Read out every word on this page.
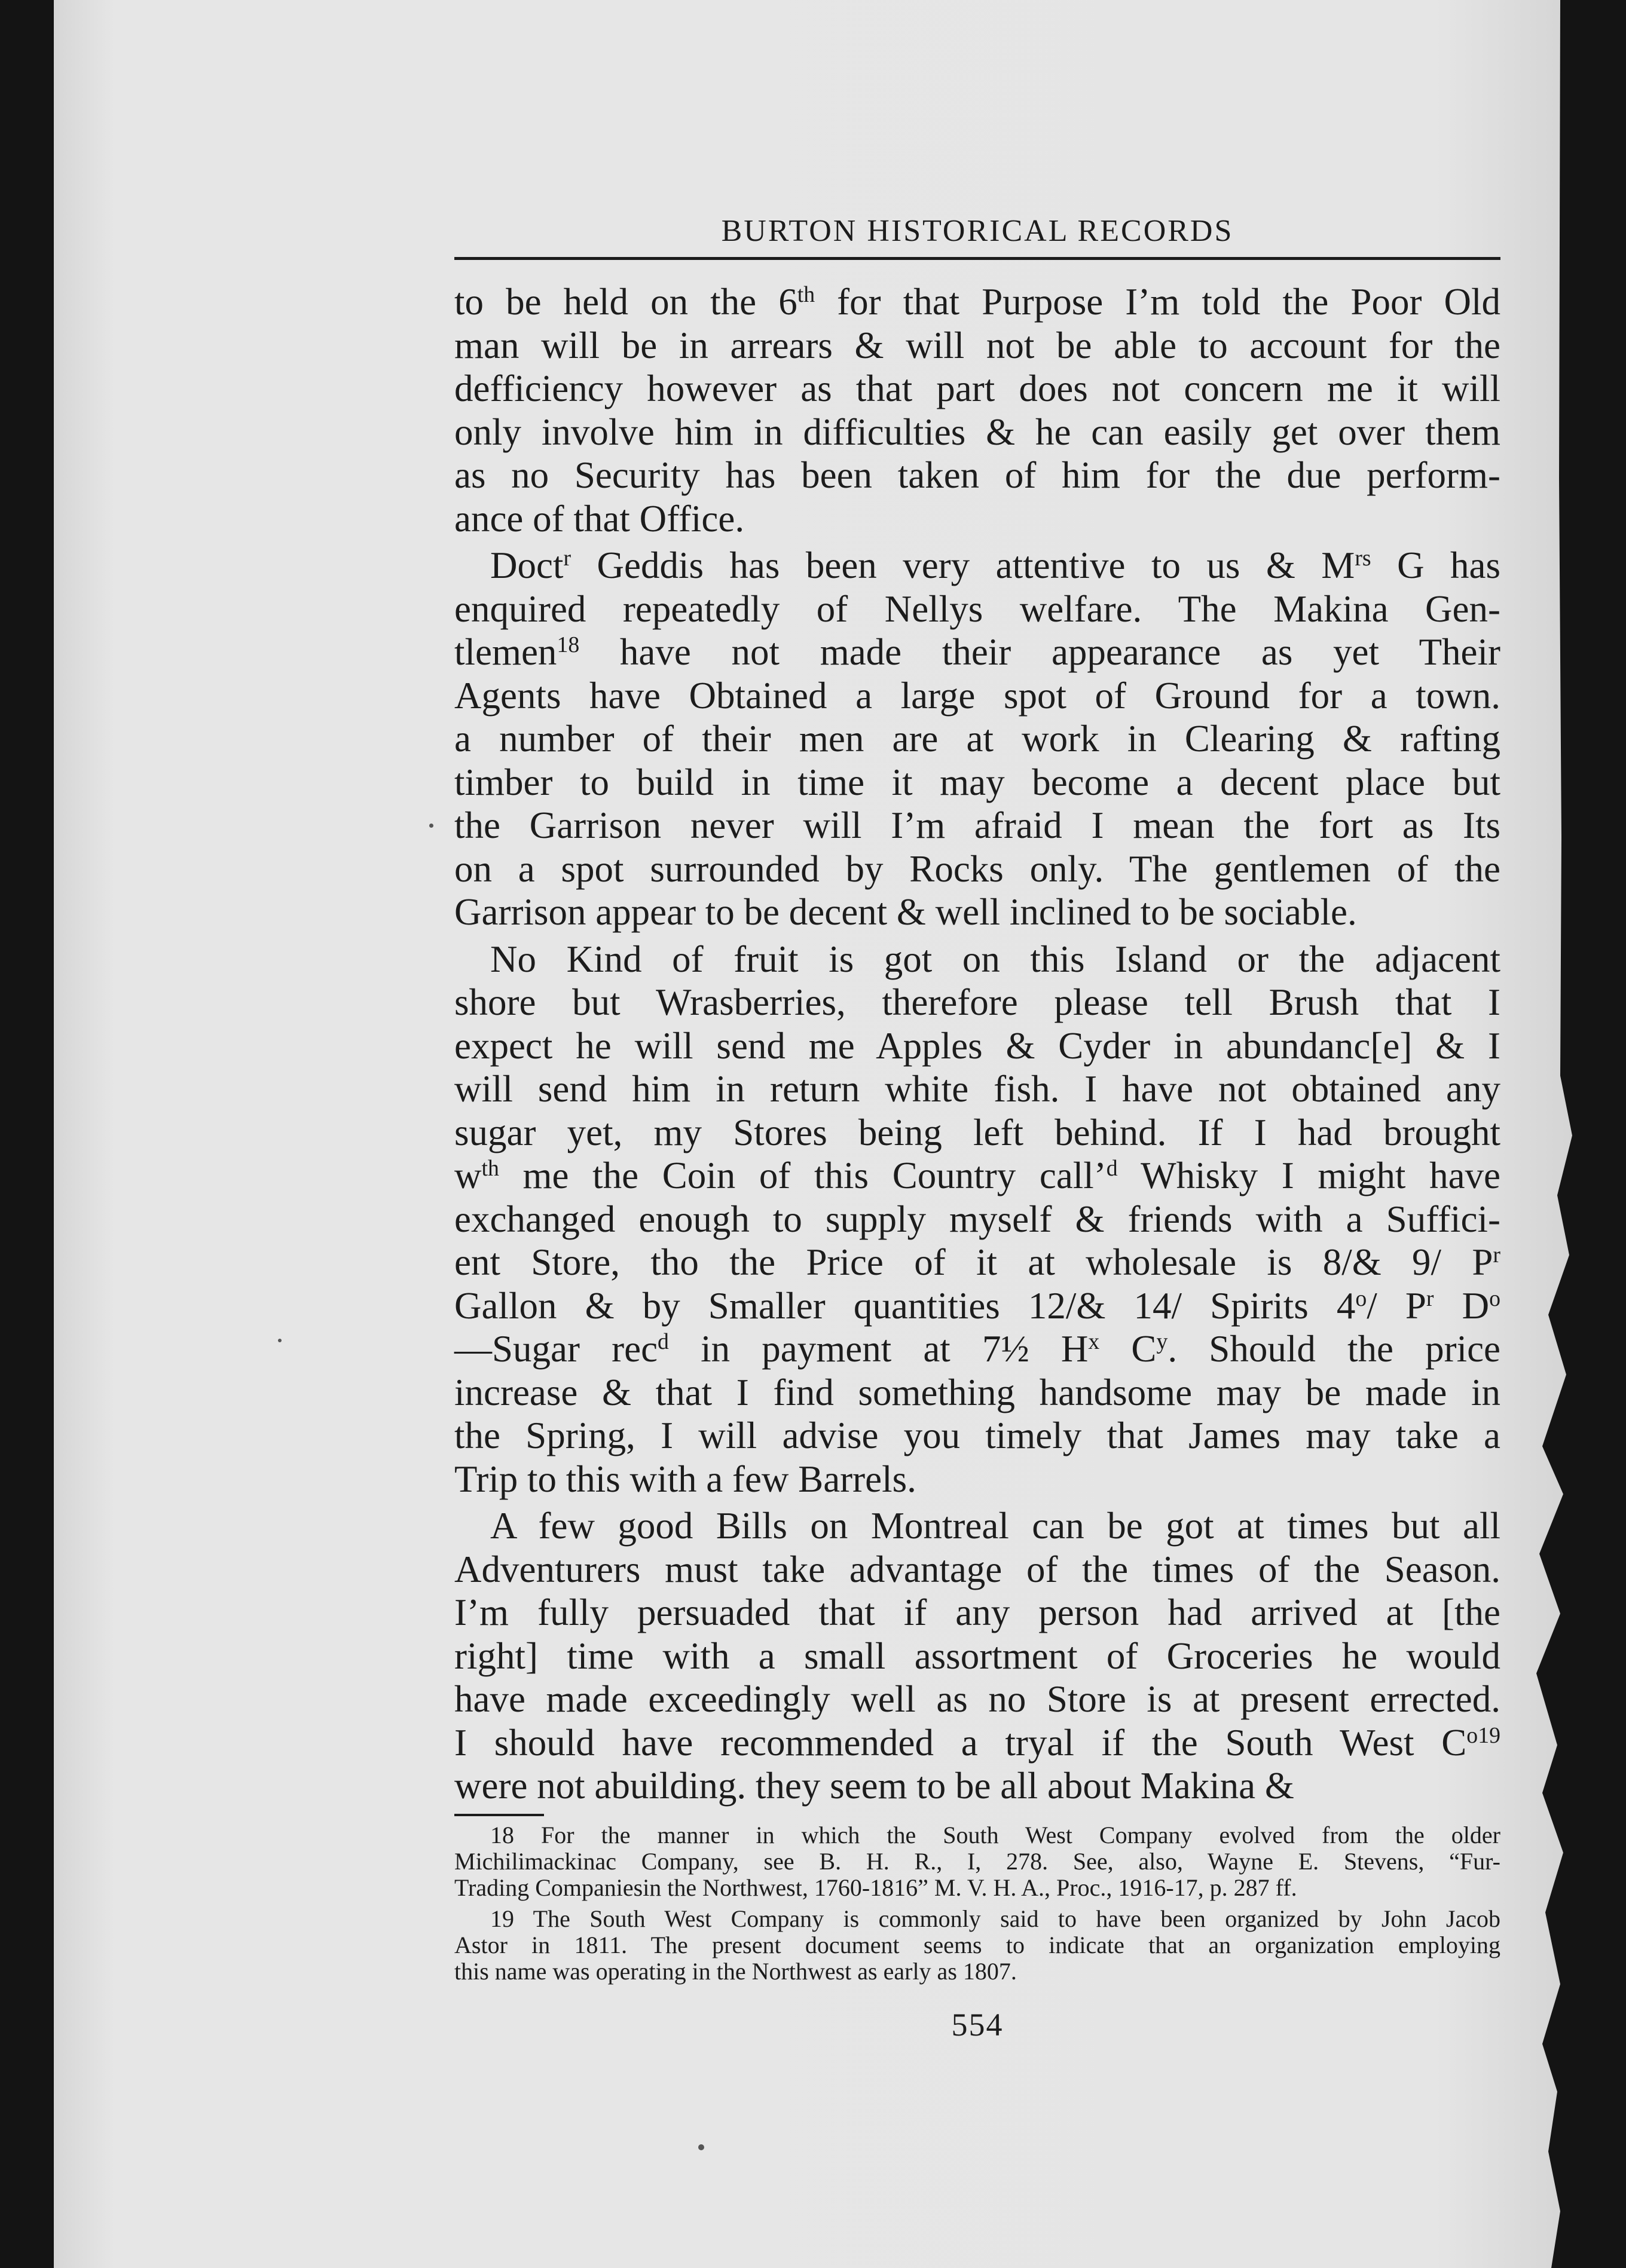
BURTON HISTORICAL RECORDS

to be held on the 6th for that Purpose I’m told the Poor Old
man will be in arrears & will not be able to account for the
defficiency however as that part does not concern me it will
only involve him in difficulties & he can easily get over them
as no Security has been taken of him for the due perform-
ance of that Office.

Doct$^r$ Geddis has been very attentive to us & $M^{rs}$ G has
enquired repeatedly of Nellys welfare. The Makina Gen-
tlemen$^{18}$ have not made their appearance as yet Their
Agents have Obtained a large spot of Ground for a town.
a number of their men are at work in Clearing & rafting
timber to build in time it may become a decent place but
the Garrison never will I’m afraid I mean the fort as Its
on a spot surrounded by Rocks only. The gentlemen of the
Garrison appear to be decent & well inclined to be sociable.

No Kind of fruit is got on this Island or the adjacent
shore but Wrasberries, therefore please tell Brush that I
expect he will send me Apples & Cyder in abundanc[e] & I
will send him in return white fish. I have not obtained any
sugar yet, my Stores being left behind. If I had brought
$w^{th}$ me the Coin of this Country call’$^d$ Whisky I might have
exchanged enough to supply myself & friends with a Suffici-
ent Store, tho the Price of it at wholesale is 8/& 9/ $P^r$
Gallon & by Smaller quantities 12/& 14/ Spirits 4$^o$/ $P^r$ $D^o$
—Sugar rec$^d$ in payment at 7½ $H^x$ $C^y$. Should the price
increase & that I find something handsome may be made in
the Spring, I will advise you timely that James may take a
Trip to this with a few Barrels.

A few good Bills on Montreal can be got at times but all
Adventurers must take advantage of the times of the Season.
I’m fully persuaded that if any person had arrived at [the
right] time with a small assortment of Groceries he would
have made exceedingly well as no Store is at present errected.
I should have recommended a tryal if the South West $C^{o19}$
were not abuilding. they seem to be all about Makina &

18 For the manner in which the South West Company evolved from the older
Michilimackinac Company, see B. H. R., I, 278. See, also, Wayne E. Stevens, “Fur-
Trading Companiesin the Northwest, 1760-1816” M. V. H. A., Proc., 1916-17, p. 287 ff.

19 The South West Company is commonly said to have been organized by John Jacob
Astor in 1811. The present document seems to indicate that an organization employing
this name was operating in the Northwest as early as 1807.

554
